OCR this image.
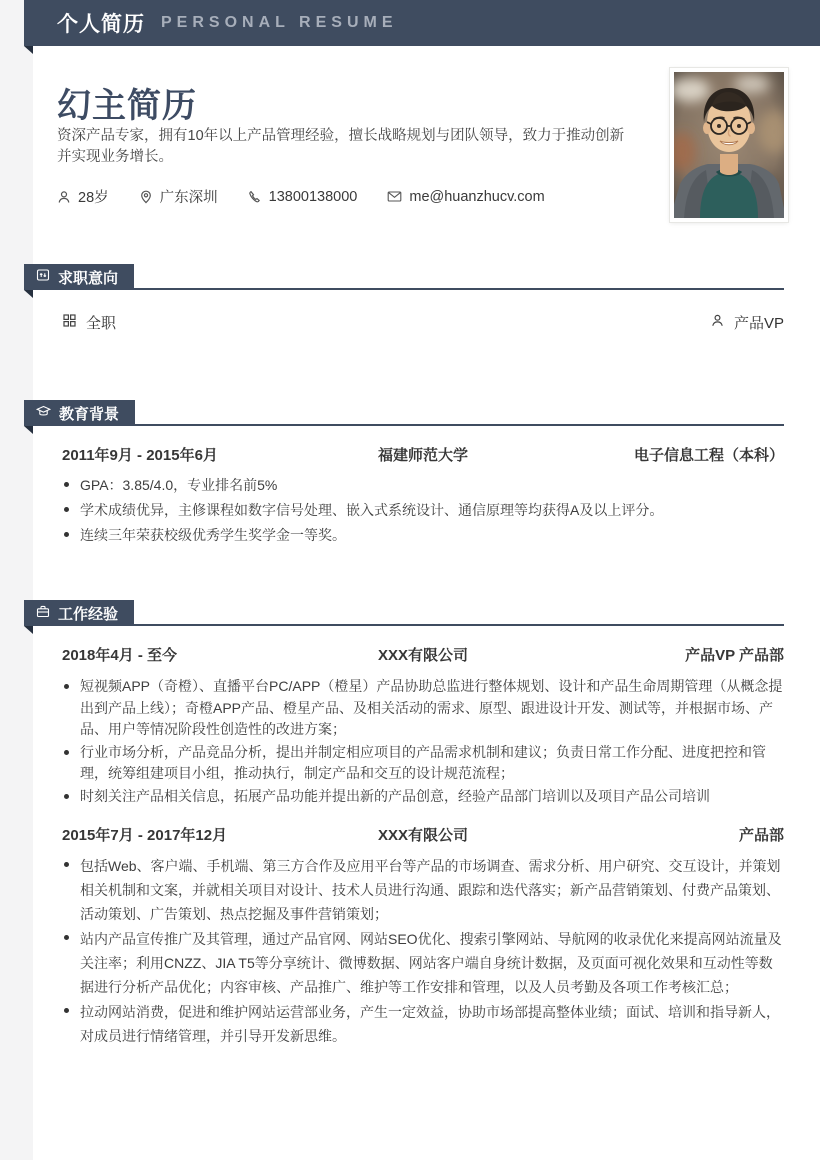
个人简历 PERSONAL RESUME
幻主简历
资深产品专家，拥有10年以上产品管理经验，擅长战略规划与团队领导，致力于推动创新并实现业务增长。
28岁	广东深圳	13800138000	me@huanzhucv.com
求职意向
全职	产品VP
教育背景
2011年9月 - 2015年6月	福建师范大学	电子信息工程（本科）
GPA：3.85/4.0，专业排名前5%
学术成绩优异，主修课程如数字信号处理、嵌入式系统设计、通信原理等均获得A及以上评分。
连续三年荣获校级优秀学生奖学金一等奖。
工作经验
2018年4月 - 至今	XXX有限公司	产品VP 产品部
短视频APP（奇橙）、直播平台PC/APP（橙星）产品协助总监进行整体规划、设计和产品生命周期管理（从概念提出到产品上线）；奇橙APP产品、橙星产品、及相关活动的需求、原型、跟进设计开发、测试等，并根据市场、产品、用户等情况阶段性创造性的改进方案；
行业市场分析，产品竞品分析，提出并制定相应项目的产品需求机制和建议；负责日常工作分配、进度把控和管理，统筹组建项目小组，推动执行，制定产品和交互的设计规范流程；
时刻关注产品相关信息，拓展产品功能并提出新的产品创意，经验产品部门培训以及项目产品公司培训
2015年7月 - 2017年12月	XXX有限公司	产品部
包括Web、客户端、手机端、第三方合作及应用平台等产品的市场调查、需求分析、用户研究、交互设计，并策划相关机制和文案，并就相关项目对设计、技术人员进行沟通、跟踪和迭代落实；新产品营销策划、付费产品策划、活动策划、广告策划、热点挖掘及事件营销策划；
站内产品宣传推广及其管理，通过产品官网、网站SEO优化、搜索引擎网站、导航网的收录优化来提高网站流量及关注率；利用CNZZ、JIA T5等分享统计、微博数据、网站客户端自身统计数据，及页面可视化效果和互动性等数据进行分析产品优化；内容审核、产品推广、维护等工作安排和管理，以及人员考勤及各项工作考核汇总；
拉动网站消费，促进和维护网站运营部业务，产生一定效益，协助市场部提高整体业绩；面试、培训和指导新人，对成员进行情绪管理，并引导开发新思维。
